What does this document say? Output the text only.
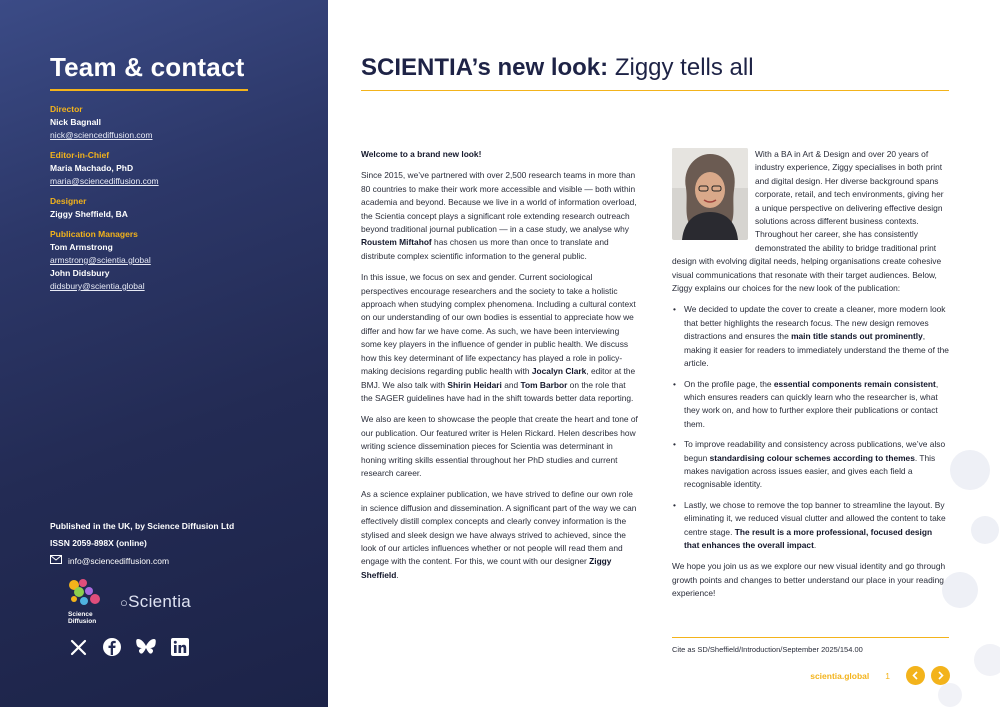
Team & contact
Director
Nick Bagnall
nick@sciencediffusion.com
Editor-in-Chief
Maria Machado, PhD
maria@sciencediffusion.com
Designer
Ziggy Sheffield, BA
Publication Managers
Tom Armstrong
armstrong@scientia.global
John Didsbury
didsbury@scientia.global
Published in the UK, by Science Diffusion Ltd
ISSN 2059-898X (online)
info@sciencediffusion.com
Science
Diffusion
○Scientia
SCIENTIA’s new look: Ziggy tells all

Welcome to a brand new look!

Since 2015, we’ve partnered with over 2,500 research teams in more than 80 countries to make their work more accessible and visible — both within academia and beyond. Because we live in a world of information overload, the Scientia concept plays a significant role extending research outreach beyond traditional journal publication — in a case study, we analyse why Roustem Miftahof has chosen us more than once to translate and distribute complex scientific information to the general public.

In this issue, we focus on sex and gender. Current sociological perspectives encourage researchers and the society to take a holistic approach when studying complex phenomena. Including a cultural context on our understanding of our own bodies is essential to appreciate how we differ and how far we have come. As such, we have been interviewing some key players in the influence of gender in public health. We discuss how this key determinant of life expectancy has played a role in policy-making decisions regarding public health with Jocalyn Clark, editor at the BMJ. We also talk with Shirin Heidari and Tom Barbor on the role that the SAGER guidelines have had in the shift towards better data reporting.

We also are keen to showcase the people that create the heart and tone of our publication. Our featured writer is Helen Rickard. Helen describes how writing science dissemination pieces for Scientia was determinant in honing writing skills essential throughout her PhD studies and current research career.

As a science explainer publication, we have strived to define our own role in science diffusion and dissemination. A significant part of the way we can effectively distill complex concepts and clearly convey information is the stylised and sleek design we have always strived to achieved, since the look of our articles influences whether or not people will read them and engage with the content. For this, we count with our designer Ziggy Sheffield.

With a BA in Art & Design and over 20 years of industry experience, Ziggy specialises in both print and digital design. Her diverse background spans corporate, retail, and tech environments, giving her a unique perspective on delivering effective design solutions across different business contexts. Throughout her career, she has consistently demonstrated the ability to bridge traditional print design with evolving digital needs, helping organisations create cohesive visual communications that resonate with their target audiences. Below, Ziggy explains our choices for the new look of the publication:

• We decided to update the cover to create a cleaner, more modern look that better highlights the research focus. The new design removes distractions and ensures the main title stands out prominently, making it easier for readers to immediately understand the theme of the article.
• On the profile page, the essential components remain consistent, which ensures readers can quickly learn who the researcher is, what they work on, and how to further explore their publications or contact them.
• To improve readability and consistency across publications, we’ve also begun standardising colour schemes according to themes. This makes navigation across issues easier, and gives each field a recognisable identity.
• Lastly, we chose to remove the top banner to streamline the layout. By eliminating it, we reduced visual clutter and allowed the content to take centre stage. The result is a more professional, focused design that enhances the overall impact.

We hope you join us as we explore our new visual identity and go through growth points and changes to better understand our place in your reading experience!

Cite as SD/Sheffield/Introduction/September 2025/154.00
scientia.global 1
